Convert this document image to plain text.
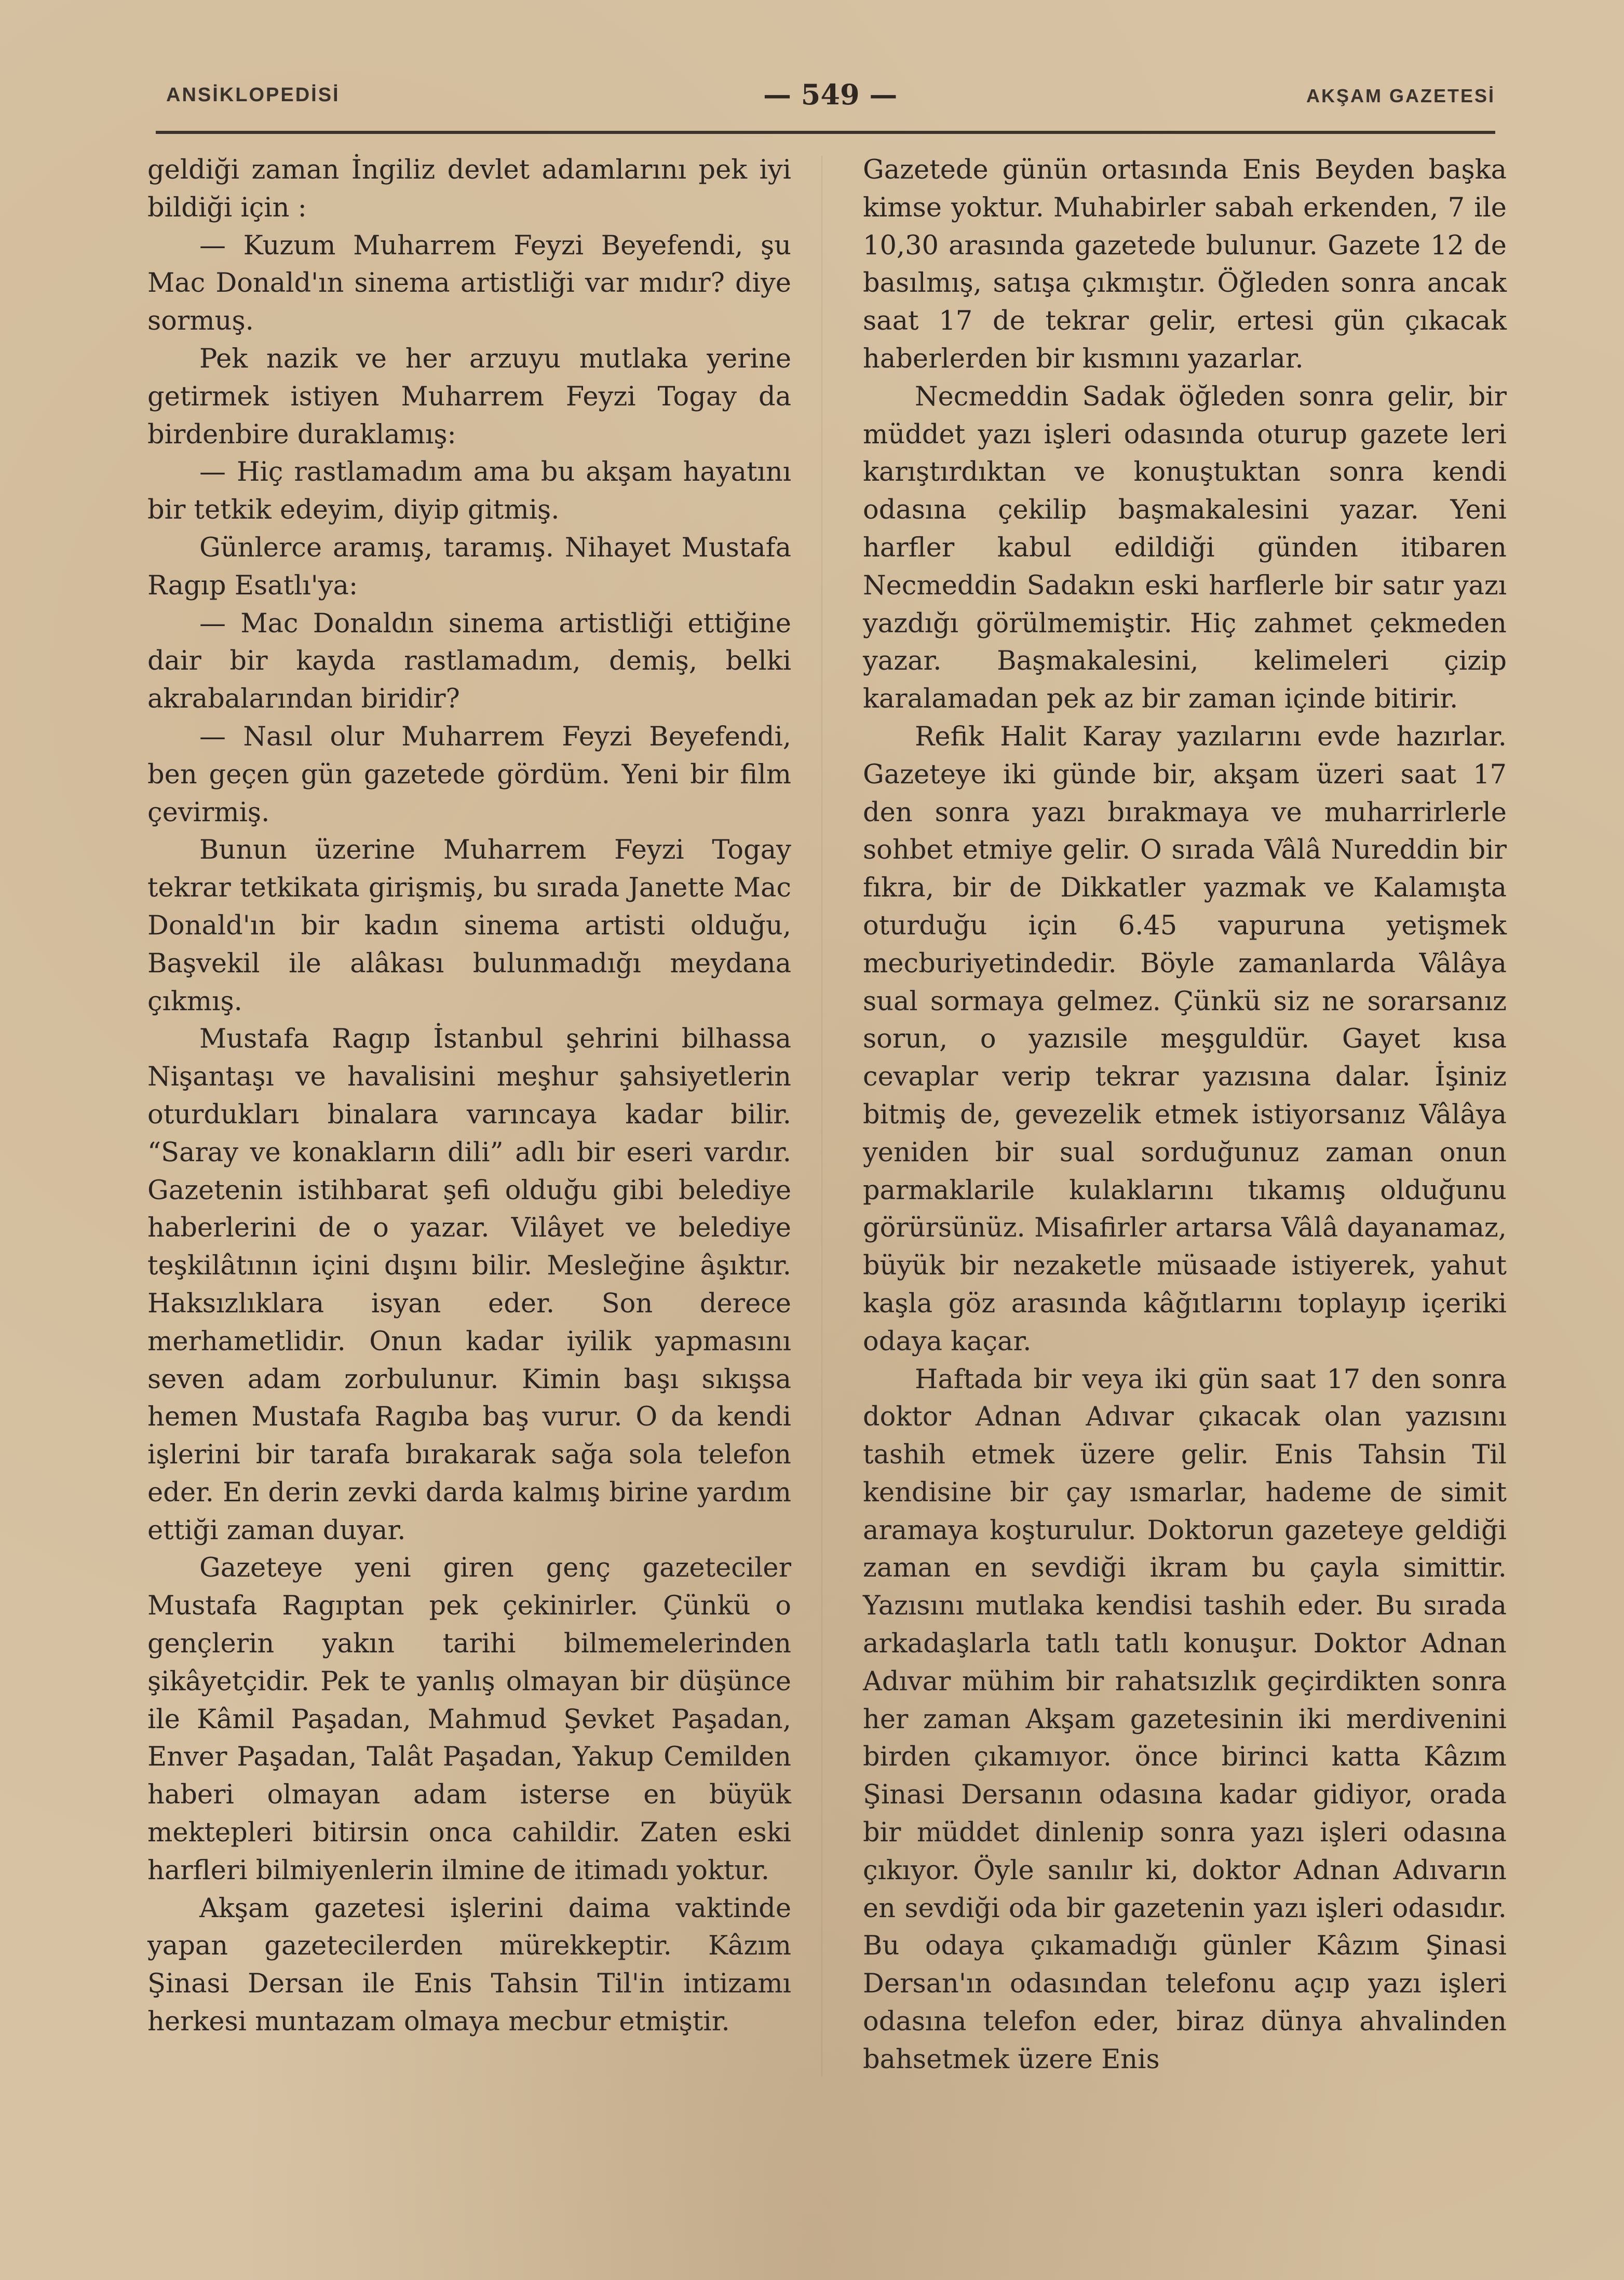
ANSİKLOPEDİSİ	— 549 —	AKŞAM GAZETESİ

geldiği zaman İngiliz devlet adamlarını pek iyi bildiği için :

— Kuzum Muharrem Feyzi Beyefendi, şu Mac Donald'ın sinema artistliği var mıdır? diye sormuş.

Pek nazik ve her arzuyu mutlaka yerine getirmek istiyen Muharrem Feyzi Togay da birdenbire duraklamış:

— Hiç rastlamadım ama bu akşam hayatını bir tetkik edeyim, diyip gitmiş.

Günlerce aramış, taramış. Nihayet Mustafa Ragıp Esatlı'ya:

— Mac Donaldın sinema artistliği ettiğine dair bir kayda rastlamadım, demiş, belki akrabalarından biridir?

— Nasıl olur Muharrem Feyzi Beyefendi, ben geçen gün gazetede gördüm. Yeni bir film çevirmiş.

Bunun üzerine Muharrem Feyzi Togay tekrar tetkikata girişmiş, bu sırada Janette Mac Donald'ın bir kadın sinema artisti olduğu, Başvekil ile alâkası bulunmadığı meydana çıkmış.

Mustafa Ragıp İstanbul şehrini bilhassa Nişantaşı ve havalisini meşhur şahsiyetlerin oturdukları binalara varıncaya kadar bilir. “Saray ve konakların dili” adlı bir eseri vardır. Gazetenin istihbarat şefi olduğu gibi belediye haberlerini de o yazar. Vilâyet ve belediye teşkilâtının içini dışını bilir. Mesleğine âşıktır. Haksızlıklara isyan eder. Son derece merhametlidir. Onun kadar iyilik yapmasını seven adam zorbulunur. Kimin başı sıkışsa hemen Mustafa Ragıba baş vurur. O da kendi işlerini bir tarafa bırakarak sağa sola telefon eder. En derin zevki darda kalmış birine yardım ettiği zaman duyar.

Gazeteye yeni giren genç gazeteciler Mustafa Ragıptan pek çekinirler. Çünkü o gençlerin yakın tarihi bilmemelerinden şikâyetçidir. Pek te yanlış olmayan bir düşünce ile Kâmil Paşadan, Mahmud Şevket Paşadan, Enver Paşadan, Talât Paşadan, Yakup Cemilden haberi olmayan adam isterse en büyük mektepleri bitirsin onca cahildir. Zaten eski harfleri bilmiyenlerin ilmine de itimadı yoktur.

Akşam gazetesi işlerini daima vaktinde yapan gazetecilerden mürekkeptir. Kâzım Şinasi Dersan ile Enis Tahsin Til'in intizamı herkesi muntazam olmaya mecbur etmiştir.

Gazetede günün ortasında Enis Beyden başka kimse yoktur. Muhabirler sabah erkenden, 7 ile 10,30 arasında gazetede bulunur. Gazete 12 de basılmış, satışa çıkmıştır. Öğleden sonra ancak saat 17 de tekrar gelir, ertesi gün çıkacak haberlerden bir kısmını yazarlar.

Necmeddin Sadak öğleden sonra gelir, bir müddet yazı işleri odasında oturup gazete leri karıştırdıktan ve konuştuktan sonra kendi odasına çekilip başmakalesini yazar. Yeni harfler kabul edildiği günden itibaren Necmeddin Sadakın eski harflerle bir satır yazı yazdığı görülmemiştir. Hiç zahmet çekmeden yazar. Başmakalesini, kelimeleri çizip karalamadan pek az bir zaman içinde bitirir.

Refik Halit Karay yazılarını evde hazırlar. Gazeteye iki günde bir, akşam üzeri saat 17 den sonra yazı bırakmaya ve muharrirlerle sohbet etmiye gelir. O sırada Vâlâ Nureddin bir fıkra, bir de Dikkatler yazmak ve Kalamışta oturduğu için 6.45 vapuruna yetişmek mecburiyetindedir. Böyle zamanlarda Vâlâya sual sormaya gelmez. Çünkü siz ne sorarsanız sorun, o yazısile meşguldür. Gayet kısa cevaplar verip tekrar yazısına dalar. İşiniz bitmiş de, gevezelik etmek istiyorsanız Vâlâya yeniden bir sual sorduğunuz zaman onun parmaklarile kulaklarını tıkamış olduğunu görürsünüz. Misafirler artarsa Vâlâ dayanamaz, büyük bir nezaketle müsaade istiyerek, yahut kaşla göz arasında kâğıtlarını toplayıp içeriki odaya kaçar.

Haftada bir veya iki gün saat 17 den sonra doktor Adnan Adıvar çıkacak olan yazısını tashih etmek üzere gelir. Enis Tahsin Til kendisine bir çay ısmarlar, hademe de simit aramaya koşturulur. Doktorun gazeteye geldiği zaman en sevdiği ikram bu çayla simittir. Yazısını mutlaka kendisi tashih eder. Bu sırada arkadaşlarla tatlı tatlı konuşur. Doktor Adnan Adıvar mühim bir rahatsızlık geçirdikten sonra her zaman Akşam gazetesinin iki merdivenini birden çıkamıyor. önce birinci katta Kâzım Şinasi Dersanın odasına kadar gidiyor, orada bir müddet dinlenip sonra yazı işleri odasına çıkıyor. Öyle sanılır ki, doktor Adnan Adıvarın en sevdiği oda bir gazetenin yazı işleri odasıdır. Bu odaya çıkamadığı günler Kâzım Şinasi Dersan'ın odasından telefonu açıp yazı işleri odasına telefon eder, biraz dünya ahvalinden bahsetmek üzere Enis
